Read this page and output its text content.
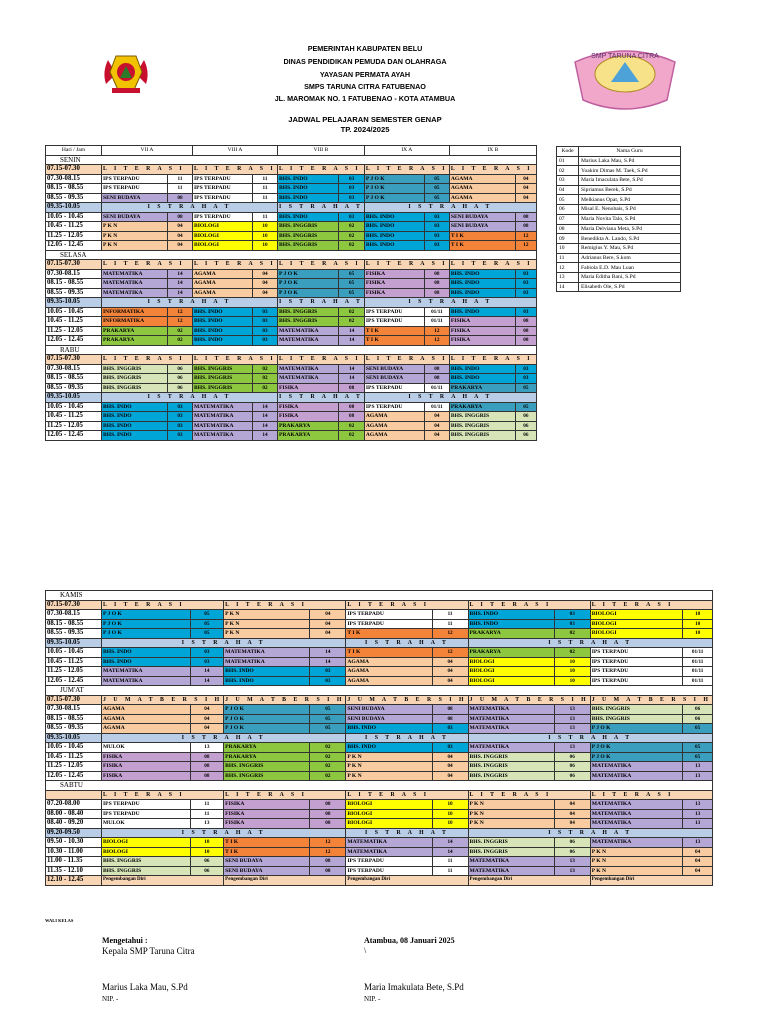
PEMERINTAH KABUPATEN BELU
DINAS PENDIDIKAN PEMUDA DAN OLAHRAGA
YAYASAN PERMATA AYAH
SMPS TARUNA CITRA FATUBENAO
JL. MAROMAK NO. 1 FATUBENAO - KOTA ATAMBUA
SMP TARUNA CITRA
JADWAL PELAJARAN SEMESTER GENAP
TP. 2024/2025
Hari / Jam	VII A		VIII A		VIII B		IX A		IX B	
SENIN										
07.15-07.30	L I T E R A S I		L I T E R A S I		L I T E R A S I		L I T E R A S I		L I T E R A S I	
07.30-08.15	IPS TERPADU	11	IPS TERPADU	11	BHS. INDO	03	P J O K	05	AGAMA	04
08.15 - 08.55	IPS TERPADU	11	IPS TERPADU	11	BHS. INDO	03	P J O K	05	AGAMA	04
08.55 - 09.35	SENI BUDAYA	08	IPS TERPADU	11	BHS. INDO	03	P J O K	05	AGAMA	04
09.35-10.05	I S T R A H A T				I S T R A H A T		I S T R A H A T			
10.05 - 10.45	SENI BUDAYA	08	IPS TERPADU	11	BHS. INDO	03	BHS. INDO	03	SENI BUDAYA	08
10.45 - 11.25	P K N	04	BIOLOGI	10	BHS. INGGRIS	02	BHS. INDO	03	SENI BUDAYA	08
11.25 - 12.05	P K N	04	BIOLOGI	10	BHS. INGGRIS	02	BHS. INDO	03	T I K	12
12.05 - 12.45	P K N	04	BIOLOGI	10	BHS. INGGRIS	02	BHS. INDO	03	T I K	12
SELASA										
07.15-07.30	L I T E R A S I		L I T E R A S I		L I T E R A S I		L I T E R A S I		L I T E R A S I	
07.30-08.15	MATEMATIKA	14	AGAMA	04	P J O K	05	FISIKA	08	BHS. INDO	03
08.15 - 08.55	MATEMATIKA	14	AGAMA	04	P J O K	05	FISIKA	08	BHS. INDO	03
08.55 - 09.35	MATEMATIKA	14	AGAMA	04	P J O K	05	FISIKA	08	BHS. INDO	03
09.35-10.05	I S T R A H A T				I S T R A H A T		I S T R A H A T			
10.05 - 10.45	INFORMATIKA	12	BHS. INDO	03	BHS. INGGRIS	02	IPS TERPADU	01/11	BHS. INDO	03
10.45 - 11.25	INFORMATIKA	12	BHS. INDO	03	BHS. INGGRIS	02	IPS TERPADU	01/11	FISIKA	08
11.25 - 12.05	PRAKARYA	02	BHS. INDO	03	MATEMATIKA	14	T I K	12	FISIKA	08
12.05 - 12.45	PRAKARYA	02	BHS. INDO	03	MATEMATIKA	14	T I K	12	FISIKA	08
RABU										
07.15-07.30	L I T E R A S I		L I T E R A S I		L I T E R A S I		L I T E R A S I		L I T E R A S I	
07.30-08.15	BHS. INGGRIS	06	BHS. INGGRIS	02	MATEMATIKA	14	SENI BUDAYA	08	BHS. INDO	03
08.15 - 08.55	BHS. INGGRIS	06	BHS. INGGRIS	02	MATEMATIKA	14	SENI BUDAYA	08	BHS. INDO	03
08.55 - 09.35	BHS. INGGRIS	06	BHS. INGGRIS	02	FISIKA	08	IPS TERPADU	01/11	PRAKARYA	05
09.35-10.05	I S T R A H A T				I S T R A H A T		I S T R A H A T			
10.05 - 10.45	BHS. INDO	03	MATEMATIKA	14	FISIKA	08	IPS TERPADU	01/11	PRAKARYA	05
10.45 - 11.25	BHS. INDO	03	MATEMATIKA	14	FISIKA	08	AGAMA	04	BHS. INGGRIS	06
11.25 - 12.05	BHS. INDO	03	MATEMATIKA	14	PRAKARYA	02	AGAMA	04	BHS. INGGRIS	06
12.05 - 12.45	BHS. INDO	03	MATEMATIKA	14	PRAKARYA	02	AGAMA	04	BHS. INGGRIS	06
Kode	Nama Guru
01	Marius Laka Mau, S.Pd
02	Yoakim Dimas M. Taek, S.Pd
03	Maria Imaculata Bete, S.Pd
04	Sipriamus Berek, S.Pd
05	Melkianus Opat, S.Pd
06	Misal E. Nenobais, S.Pd
07	Maria Novita Talo, S.Pd
08	Maria Delviana Meta, S.Pd
09	Benedikta A. Lando, S.Pd
10	Remigius Y. Mau, S.Pd
11	Adrianus Bere, S.kom
12	Fabiola E.D. Mau Luan
13	Maria Editha Bani, S.Pd
14	Elisabeth Ole, S.Pd
KAMIS										
07.15-07.30	L I T E R A S I		L I T E R A S I		L I T E R A S I		L I T E R A S I		L I T E R A S I	
07.30-08.15	P J O K	05	P K N	04	IPS TERPADU	11	BHS. INDO	03	BIOLOGI	10
08.15 - 08.55	P J O K	05	P K N	04	IPS TERPADU	11	BHS. INDO	03	BIOLOGI	10
08.55 - 09.35	P J O K	05	P K N	04	T I K	12	PRAKARYA	02	BIOLOGI	10
09.35-10.05	I S T R A H A T				I S T R A H A T		I S T R A H A T			
10.05 - 10.45	BHS. INDO	03	MATEMATIKA	14	T I K	12	PRAKARYA	02	IPS TERPADU	01/11
10.45 - 11.25	BHS. INDO	03	MATEMATIKA	14	AGAMA	04	BIOLOGI	10	IPS TERPADU	01/11
11.25 - 12.05	MATEMATIKA	14	BHS. INDO	03	AGAMA	04	BIOLOGI	10	IPS TERPADU	01/11
12.05 - 12.45	MATEMATIKA	14	BHS. INDO	03	AGAMA	04	BIOLOGI	10	IPS TERPADU	01/11
JUM'AT										
07.15-07.30	J U M A T B E R S I H		J U M A T B E R S I H		J U M A T B E R S I H		J U M A T B E R S I H		J U M A T B E R S I H	
07.30-08.15	AGAMA	04	P J O K	05	SENI BUDAYA	08	MATEMATIKA	13	BHS. INGGRIS	06
08.15 - 08.55	AGAMA	04	P J O K	05	SENI BUDAYA	08	MATEMATIKA	13	BHS. INGGRIS	06
08.55 - 09.35	AGAMA	04	P J O K	05	BHS. INDO	03	MATEMATIKA	13	P J O K	05
09.35-10.05	I S T R A H A T				I S T R A H A T		I S T R A H A T			
10.05 - 10.45	MULOK	13	PRAKARYA	02	BHS. INDO	03	MATEMATIKA	13	P J O K	05
10.45 - 11.25	FISIKA	08	PRAKARYA	02	P K N	04	BHS. INGGRIS	06	P J O K	05
11.25 - 12.05	FISIKA	08	BHS. INGGRIS	02	P K N	04	BHS. INGGRIS	06	MATEMATIKA	13
12.05 - 12.45	FISIKA	08	BHS. INGGRIS	02	P K N	04	BHS. INGGRIS	06	MATEMATIKA	13
SABTU										
	L I T E R A S I		L I T E R A S I		L I T E R A S I		L I T E R A S I		L I T E R A S I	
07.20-08.00	IPS TERPADU	11	FISIKA	08	BIOLOGI	10	P K N	04	MATEMATIKA	13
08.00 - 08.40	IPS TERPADU	11	FISIKA	08	BIOLOGI	10	P K N	04	MATEMATIKA	13
08.40 - 09.20	MULOK	13	FISIKA	08	BIOLOGI	10	P K N	04	MATEMATIKA	13
09.20-09.50	I S T R A H A T				I S T R A H A T		I S T R A H A T			
09.50 - 10.30	BIOLOGI	10	T I K	12	MATEMATIKA	14	BHS. INGGRIS	06	MATEMATIKA	13
10.30 - 11.00	BIOLOGI	10	T I K	12	MATEMATIKA	14	BHS. INGGRIS	06	P K N	04
11.00 - 11.35	BHS. INGGRIS	06	SENI BUDAYA	08	IPS TERPADU	11	MATEMATIKA	13	P K N	04
11.35 - 12.10	BHS. INGGRIS	06	SENI BUDAYA	08	IPS TERPADU	11	MATEMATIKA	13	P K N	04
12.10 - 12.45	Pengembangan Diri		Pengembangan Diri		Pengembangan Diri		Pengembangan Diri		Pengembangan Diri	
WALI KELAS
Mengetahui :
Kepala SMP Taruna Citra
Atambua, 08 Januari 2025
\
Marius Laka Mau, S.Pd
NIP. -
Maria Imakulata Bete, S.Pd
NIP. -
